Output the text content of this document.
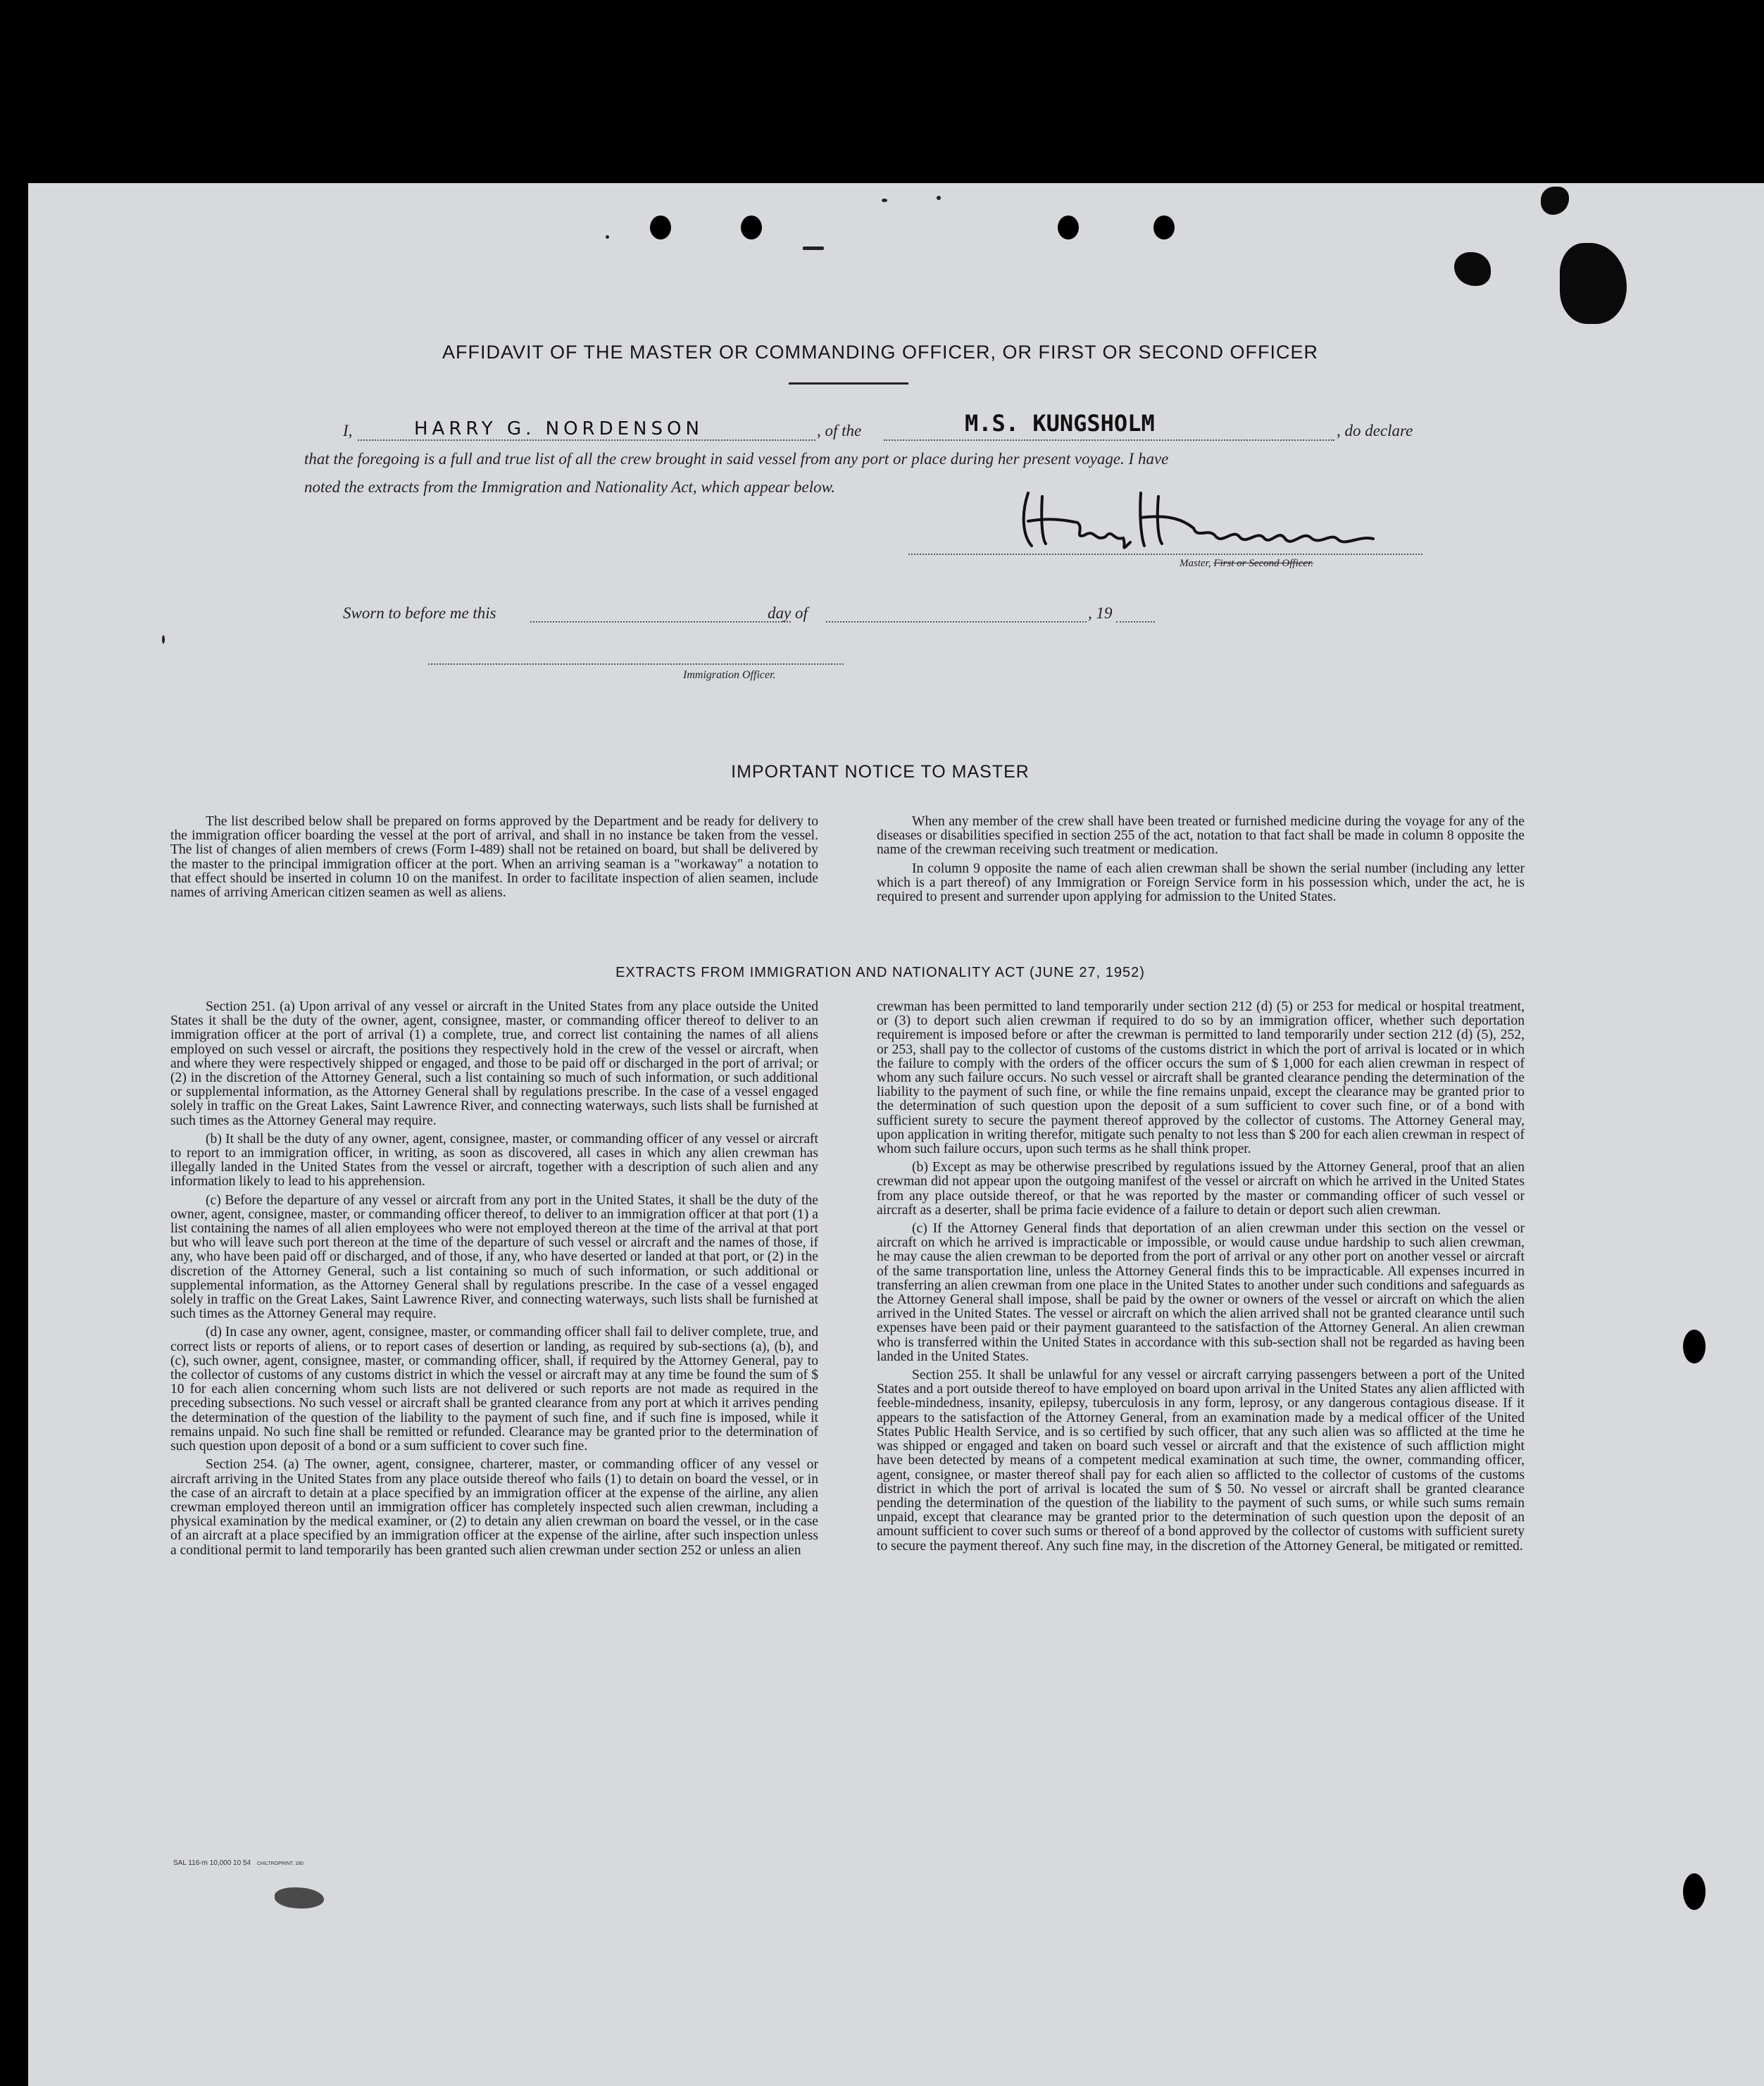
AFFIDAVIT OF THE MASTER OR COMMANDING OFFICER, OR FIRST OR SECOND OFFICER
I,	HARRY G. NORDENSON	, of the	M.S. KUNGSHOLM	, do declare
that the foregoing is a full and true list of all the crew brought in said vessel from any port or place during her present voyage. I have
noted the extracts from the Immigration and Nationality Act, which appear below.
Master, First or Second Officer.
Sworn to before me this	day of	, 19
Immigration Officer.
IMPORTANT NOTICE TO MASTER

The list described below shall be prepared on forms approved by the Department and be ready for delivery to the immigration officer boarding the vessel at the port of arrival, and shall in no instance be taken from the vessel. The list of changes of alien members of crews (Form I-489) shall not be retained on board, but shall be delivered by the master to the principal immigration officer at the port. When an arriving seaman is a "workaway" a notation to that effect should be inserted in column 10 on the manifest. In order to facilitate inspection of alien seamen, include names of arriving American citizen seamen as well as aliens.

When any member of the crew shall have been treated or furnished medicine during the voyage for any of the diseases or disabilities specified in section 255 of the act, notation to that fact shall be made in column 8 opposite the name of the crewman receiving such treatment or medication.

In column 9 opposite the name of each alien crewman shall be shown the serial number (including any letter which is a part thereof) of any Immigration or Foreign Service form in his possession which, under the act, he is required to present and surrender upon applying for admission to the United States.

EXTRACTS FROM IMMIGRATION AND NATIONALITY ACT (JUNE 27, 1952)

Section 251. (a) Upon arrival of any vessel or aircraft in the United States from any place outside the United States it shall be the duty of the owner, agent, consignee, master, or commanding officer thereof to deliver to an immigration officer at the port of arrival (1) a complete, true, and correct list containing the names of all aliens employed on such vessel or aircraft, the positions they respectively hold in the crew of the vessel or aircraft, when and where they were respectively shipped or engaged, and those to be paid off or discharged in the port of arrival; or (2) in the discretion of the Attorney General, such a list containing so much of such information, or such additional or supplemental information, as the Attorney General shall by regulations prescribe. In the case of a vessel engaged solely in traffic on the Great Lakes, Saint Lawrence River, and connecting waterways, such lists shall be furnished at such times as the Attorney General may require.

(b) It shall be the duty of any owner, agent, consignee, master, or commanding officer of any vessel or aircraft to report to an immigration officer, in writing, as soon as discovered, all cases in which any alien crewman has illegally landed in the United States from the vessel or aircraft, together with a description of such alien and any information likely to lead to his apprehension.

(c) Before the departure of any vessel or aircraft from any port in the United States, it shall be the duty of the owner, agent, consignee, master, or commanding officer thereof, to deliver to an immigration officer at that port (1) a list containing the names of all alien employees who were not employed thereon at the time of the arrival at that port but who will leave such port thereon at the time of the departure of such vessel or aircraft and the names of those, if any, who have been paid off or discharged, and of those, if any, who have deserted or landed at that port, or (2) in the discretion of the Attorney General, such a list containing so much of such information, or such additional or supplemental information, as the Attorney General shall by regulations prescribe. In the case of a vessel engaged solely in traffic on the Great Lakes, Saint Lawrence River, and connecting waterways, such lists shall be furnished at such times as the Attorney General may require.

(d) In case any owner, agent, consignee, master, or commanding officer shall fail to deliver complete, true, and correct lists or reports of aliens, or to report cases of desertion or landing, as required by sub-sections (a), (b), and (c), such owner, agent, consignee, master, or commanding officer, shall, if required by the Attorney General, pay to the collector of customs of any customs district in which the vessel or aircraft may at any time be found the sum of $ 10 for each alien concerning whom such lists are not delivered or such reports are not made as required in the preceding subsections. No such vessel or aircraft shall be granted clearance from any port at which it arrives pending the determination of the question of the liability to the payment of such fine, and if such fine is imposed, while it remains unpaid. No such fine shall be remitted or refunded. Clearance may be granted prior to the determination of such question upon deposit of a bond or a sum sufficient to cover such fine.

Section 254. (a) The owner, agent, consignee, charterer, master, or commanding officer of any vessel or aircraft arriving in the United States from any place outside thereof who fails (1) to detain on board the vessel, or in the case of an aircraft to detain at a place specified by an immigration officer at the expense of the airline, any alien crewman employed thereon until an immigration officer has completely inspected such alien crewman, including a physical examination by the medical examiner, or (2) to detain any alien crewman on board the vessel, or in the case of an aircraft at a place specified by an immigration officer at the expense of the airline, after such inspection unless a conditional permit to land temporarily has been granted such alien crewman under section 252 or unless an alien

crewman has been permitted to land temporarily under section 212 (d) (5) or 253 for medical or hospital treatment, or (3) to deport such alien crewman if required to do so by an immigration officer, whether such deportation requirement is imposed before or after the crewman is permitted to land temporarily under section 212 (d) (5), 252, or 253, shall pay to the collector of customs of the customs district in which the port of arrival is located or in which the failure to comply with the orders of the officer occurs the sum of $ 1,000 for each alien crewman in respect of whom any such failure occurs. No such vessel or aircraft shall be granted clearance pending the determination of the liability to the payment of such fine, or while the fine remains unpaid, except the clearance may be granted prior to the determination of such question upon the deposit of a sum sufficient to cover such fine, or of a bond with sufficient surety to secure the payment thereof approved by the collector of customs. The Attorney General may, upon application in writing therefor, mitigate such penalty to not less than $ 200 for each alien crewman in respect of whom such failure occurs, upon such terms as he shall think proper.

(b) Except as may be otherwise prescribed by regulations issued by the Attorney General, proof that an alien crewman did not appear upon the outgoing manifest of the vessel or aircraft on which he arrived in the United States from any place outside thereof, or that he was reported by the master or commanding officer of such vessel or aircraft as a deserter, shall be prima facie evidence of a failure to detain or deport such alien crewman.

(c) If the Attorney General finds that deportation of an alien crewman under this section on the vessel or aircraft on which he arrived is impracticable or impossible, or would cause undue hardship to such alien crewman, he may cause the alien crewman to be deported from the port of arrival or any other port on another vessel or aircraft of the same transportation line, unless the Attorney General finds this to be impracticable. All expenses incurred in transferring an alien crewman from one place in the United States to another under such conditions and safeguards as the Attorney General shall impose, shall be paid by the owner or owners of the vessel or aircraft on which the alien arrived in the United States. The vessel or aircraft on which the alien arrived shall not be granted clearance until such expenses have been paid or their payment guaranteed to the satisfaction of the Attorney General. An alien crewman who is transferred within the United States in accordance with this sub-section shall not be regarded as having been landed in the United States.

Section 255. It shall be unlawful for any vessel or aircraft carrying passengers between a port of the United States and a port outside thereof to have employed on board upon arrival in the United States any alien afflicted with feeble-mindedness, insanity, epilepsy, tuberculosis in any form, leprosy, or any dangerous contagious disease. If it appears to the satisfaction of the Attorney General, from an examination made by a medical officer of the United States Public Health Service, and is so certified by such officer, that any such alien was so afflicted at the time he was shipped or engaged and taken on board such vessel or aircraft and that the existence of such affliction might have been detected by means of a competent medical examination at such time, the owner, commanding officer, agent, consignee, or master thereof shall pay for each alien so afflicted to the collector of customs of the customs district in which the port of arrival is located the sum of $ 50. No vessel or aircraft shall be granted clearance pending the determination of the question of the liability to the payment of such sums, or while such sums remain unpaid, except that clearance may be granted prior to the determination of such question upon the deposit of an amount sufficient to cover such sums or thereof of a bond approved by the collector of customs with sufficient surety to secure the payment thereof. Any such fine may, in the discretion of the Attorney General, be mitigated or remitted.

SAL 116-m 10,000 10 54 CHILTROPRINT. 180
